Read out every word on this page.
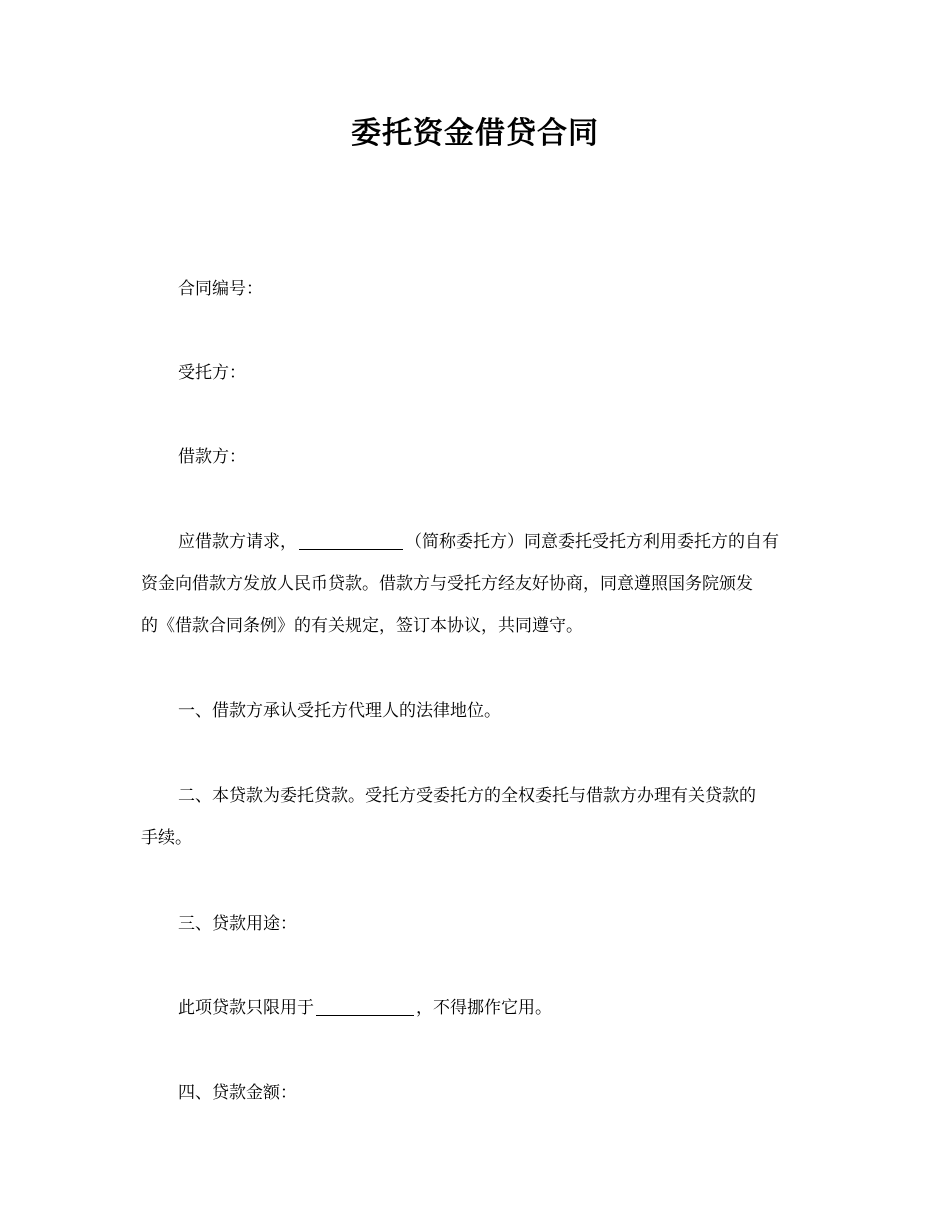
委托资金借贷合同

合同编号：

受托方：

借款方：

应借款方请求，	（简称委托方）同意委托受托方利用委托方的自有

资金向借款方发放人民币贷款。借款方与受托方经友好协商，同意遵照国务院颁发

的《借款合同条例》的有关规定，签订本协议，共同遵守。

一、借款方承认受托方代理人的法律地位。

二、本贷款为委托贷款。受托方受委托方的全权委托与借款方办理有关贷款的

手续。

三、贷款用途：

此项贷款只限用于	，不得挪作它用。

四、贷款金额：
